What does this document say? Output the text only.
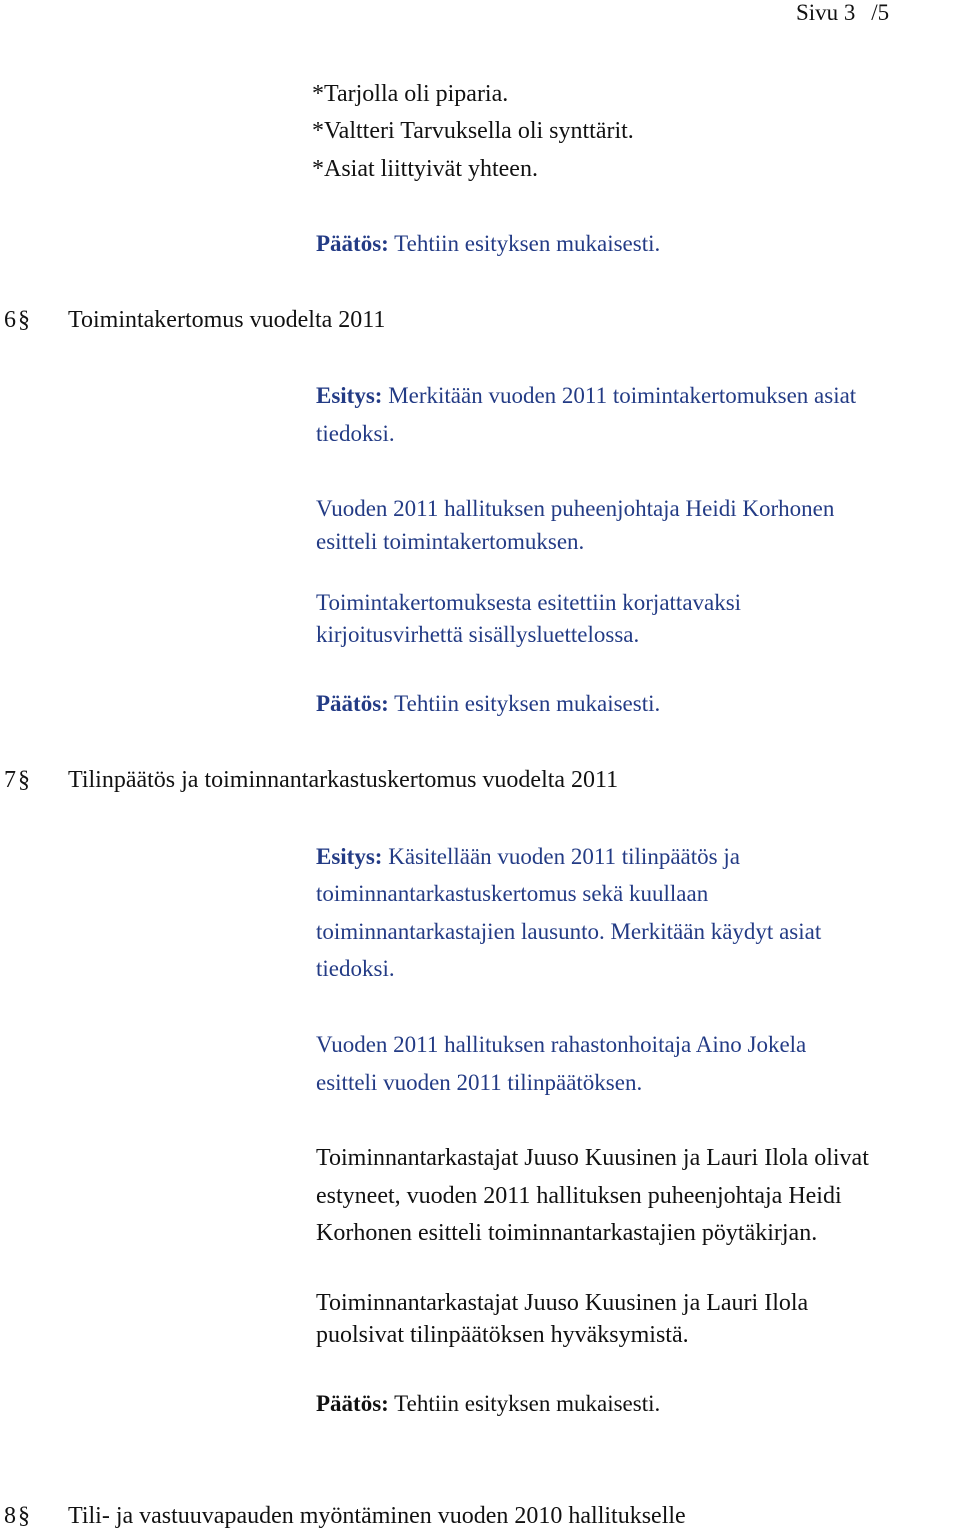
Sivu 3 /5
*Tarjolla oli piparia.
*Valtteri Tarvuksella oli synttärit.
*Asiat liittyivät yhteen.
Päätös: Tehtiin esityksen mukaisesti.
6 § Toimintakertomus vuodelta 2011
Esitys: Merkitään vuoden 2011 toimintakertomuksen asiat
tiedoksi.
Vuoden 2011 hallituksen puheenjohtaja Heidi Korhonen
esitteli toimintakertomuksen.
Toimintakertomuksesta esitettiin korjattavaksi
kirjoitusvirhettä sisällysluettelossa.
Päätös: Tehtiin esityksen mukaisesti.
7 § Tilinpäätös ja toiminnantarkastuskertomus vuodelta 2011
Esitys: Käsitellään vuoden 2011 tilinpäätös ja
toiminnantarkastuskertomus sekä kuullaan
toiminnantarkastajien lausunto. Merkitään käydyt asiat
tiedoksi.
Vuoden 2011 hallituksen rahastonhoitaja Aino Jokela
esitteli vuoden 2011 tilinpäätöksen.
Toiminnantarkastajat Juuso Kuusinen ja Lauri Ilola olivat
estyneet, vuoden 2011 hallituksen puheenjohtaja Heidi
Korhonen esitteli toiminnantarkastajien pöytäkirjan.
Toiminnantarkastajat Juuso Kuusinen ja Lauri Ilola
puolsivat tilinpäätöksen hyväksymistä.
Päätös: Tehtiin esityksen mukaisesti.
8 § Tili- ja vastuuvapauden myöntäminen vuoden 2010 hallitukselle
